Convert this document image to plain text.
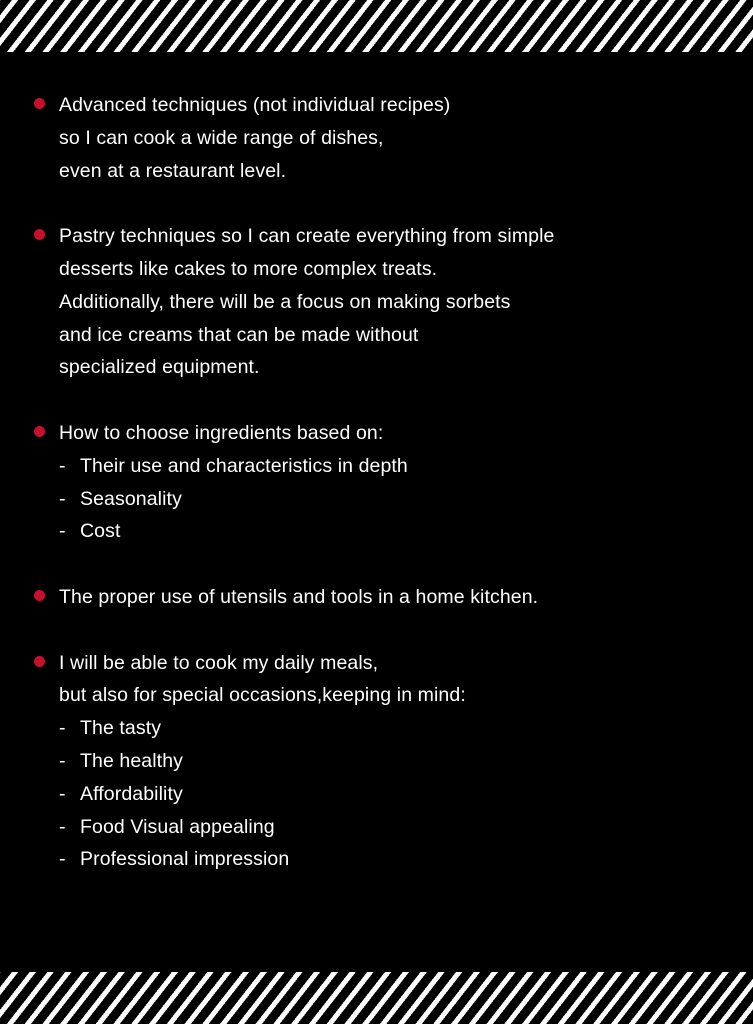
Advanced techniques (not individual recipes)
so I can cook a wide range of dishes,
even at a restaurant level.
Pastry techniques so I can create everything from simple
desserts like cakes to more complex treats.
Additionally, there will be a focus on making sorbets
and ice creams that can be made without
specialized equipment.
How to choose ingredients based on:
- Their use and characteristics in depth
- Seasonality
- Cost
The proper use of utensils and tools in a home kitchen.
I will be able to cook my daily meals,
but also for special occasions,keeping in mind:
- The tasty
- The healthy
- Affordability
- Food Visual appealing
- Professional impression
